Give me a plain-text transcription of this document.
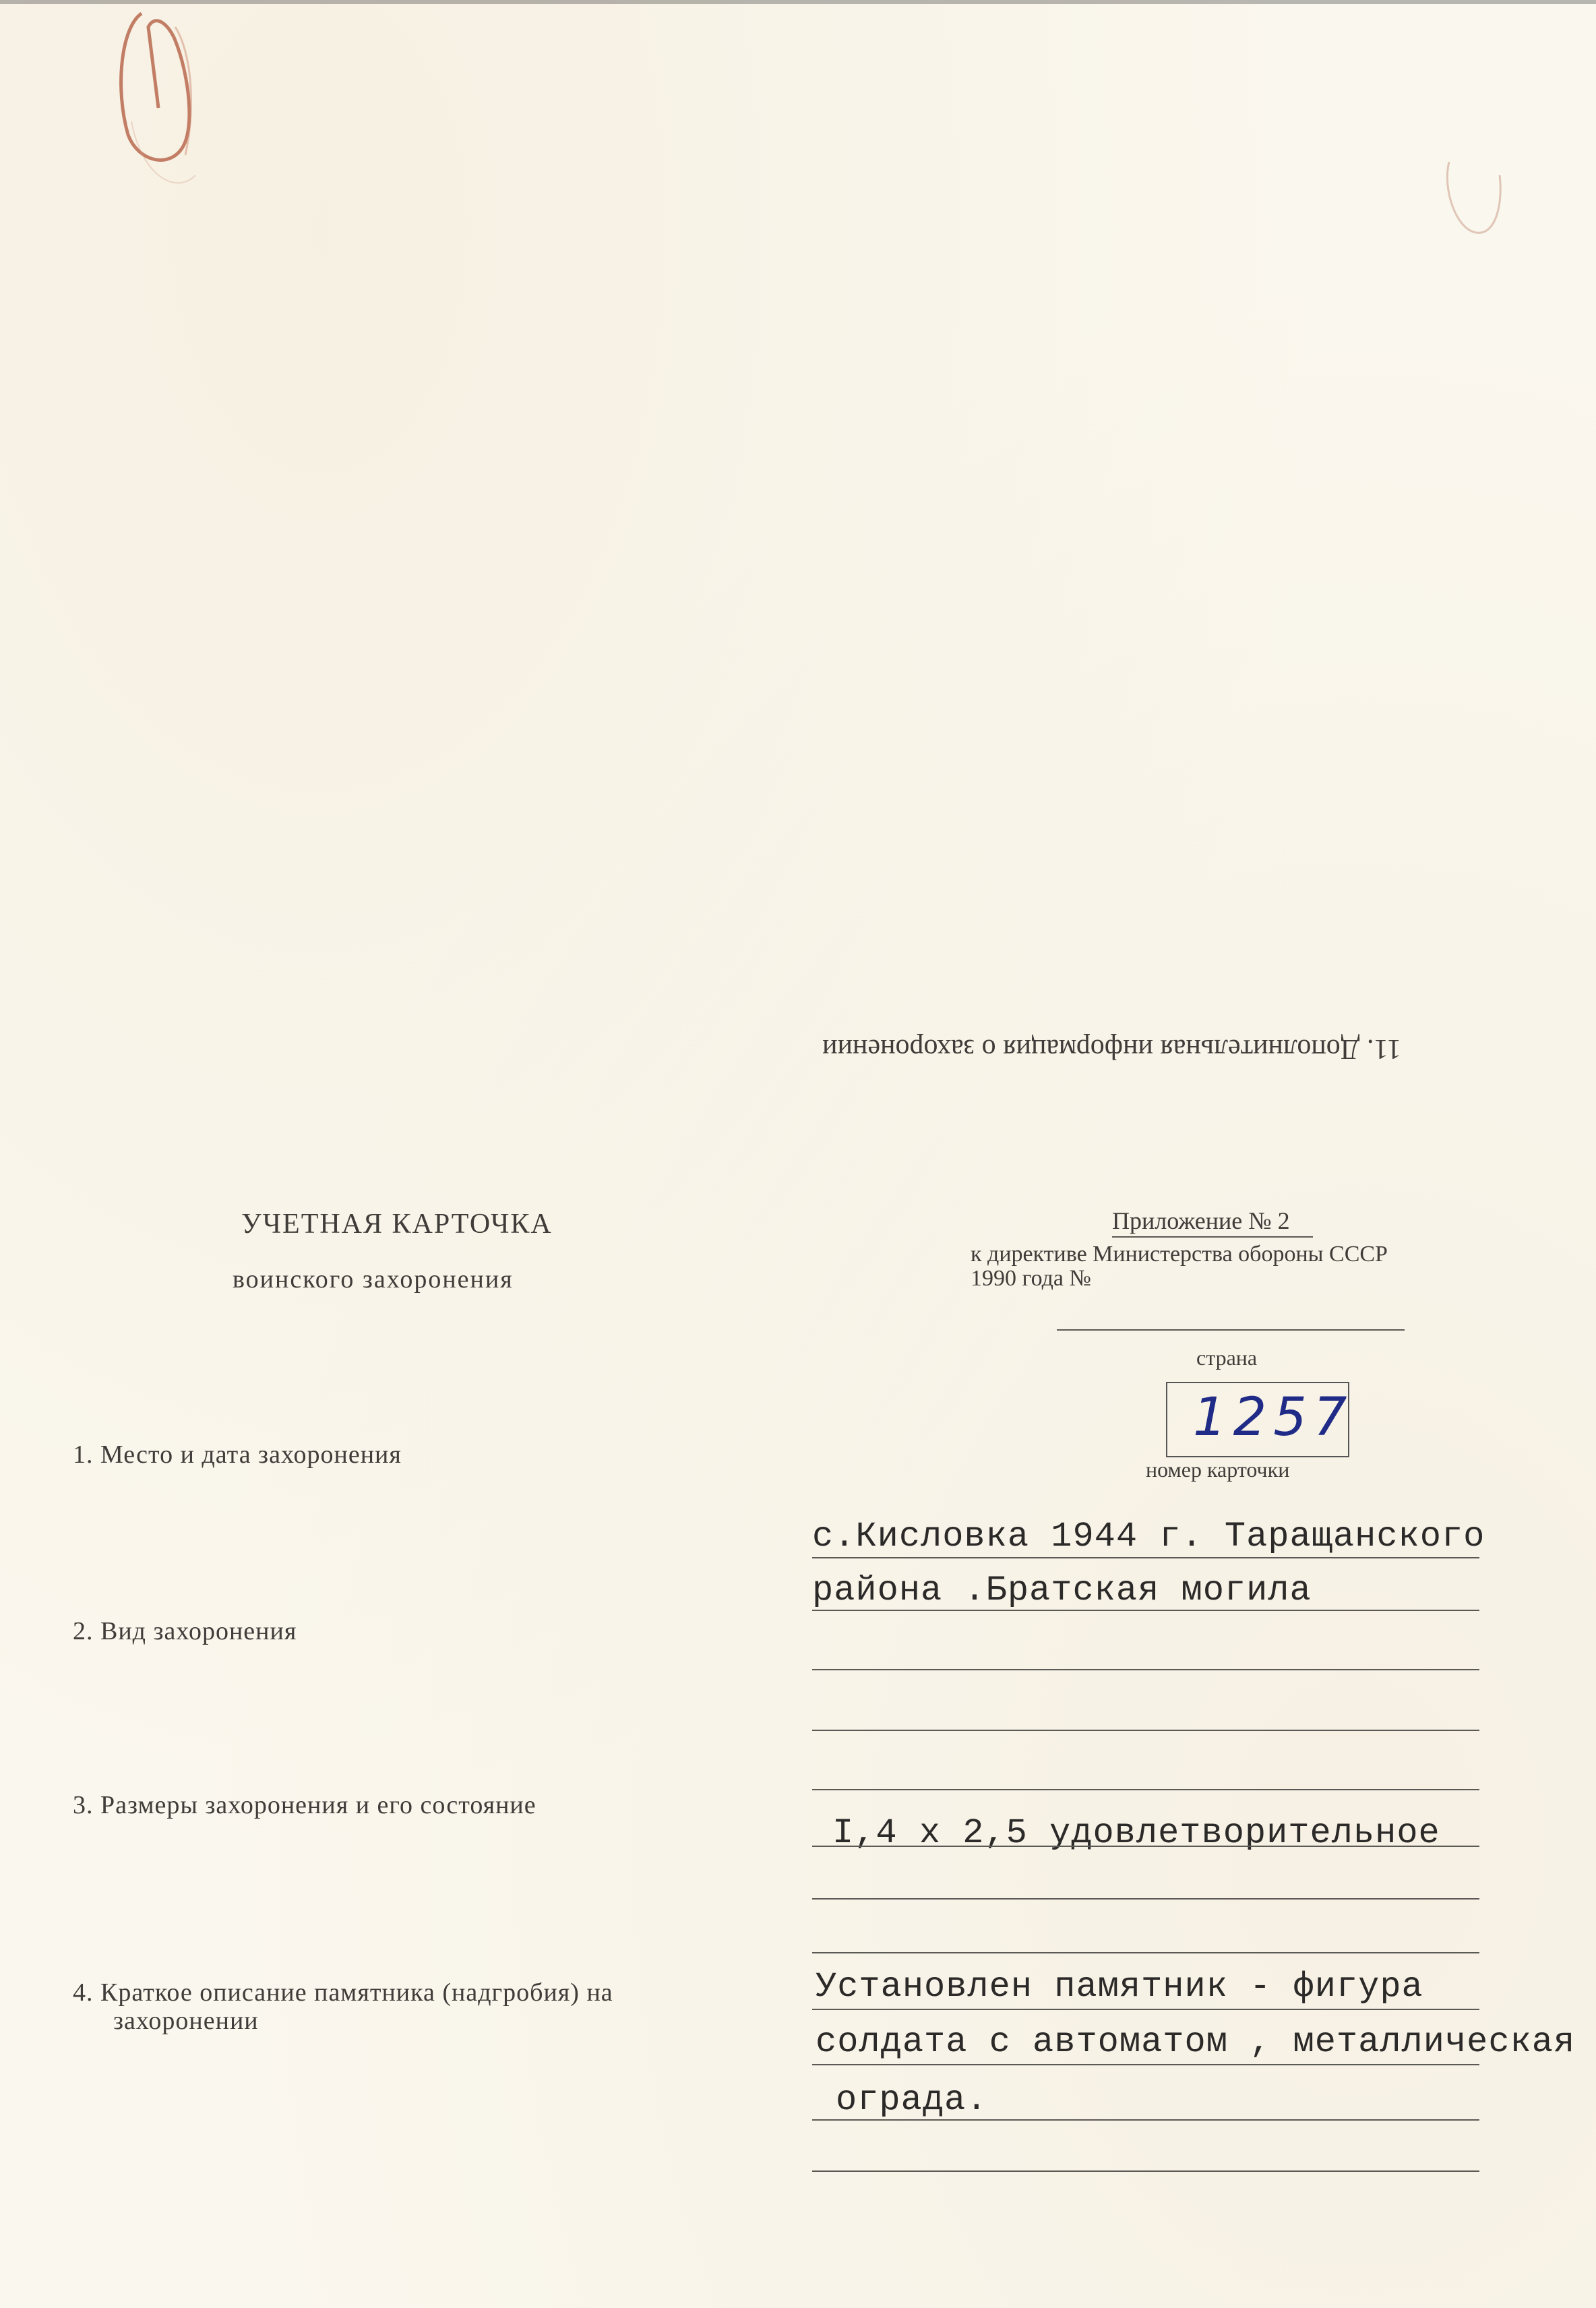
11. Дополнительная информация о захоронении
УЧЕТНАЯ КАРТОЧКА
воинского захоронения
Приложение № 2
к директиве Министерства обороны СССР
1990 года №
страна
1257
номер карточки
1. Место и дата захоронения
с.Кисловка 1944 г. Таращанского
района .Братская могила
2. Вид захоронения
3. Размеры захоронения и его состояние
I,4 х 2,5 удовлетворительное
4. Краткое описание памятника (надгробия) на
захоронении
Установлен памятник - фигура
солдата с автоматом , металлическая
ограда.
